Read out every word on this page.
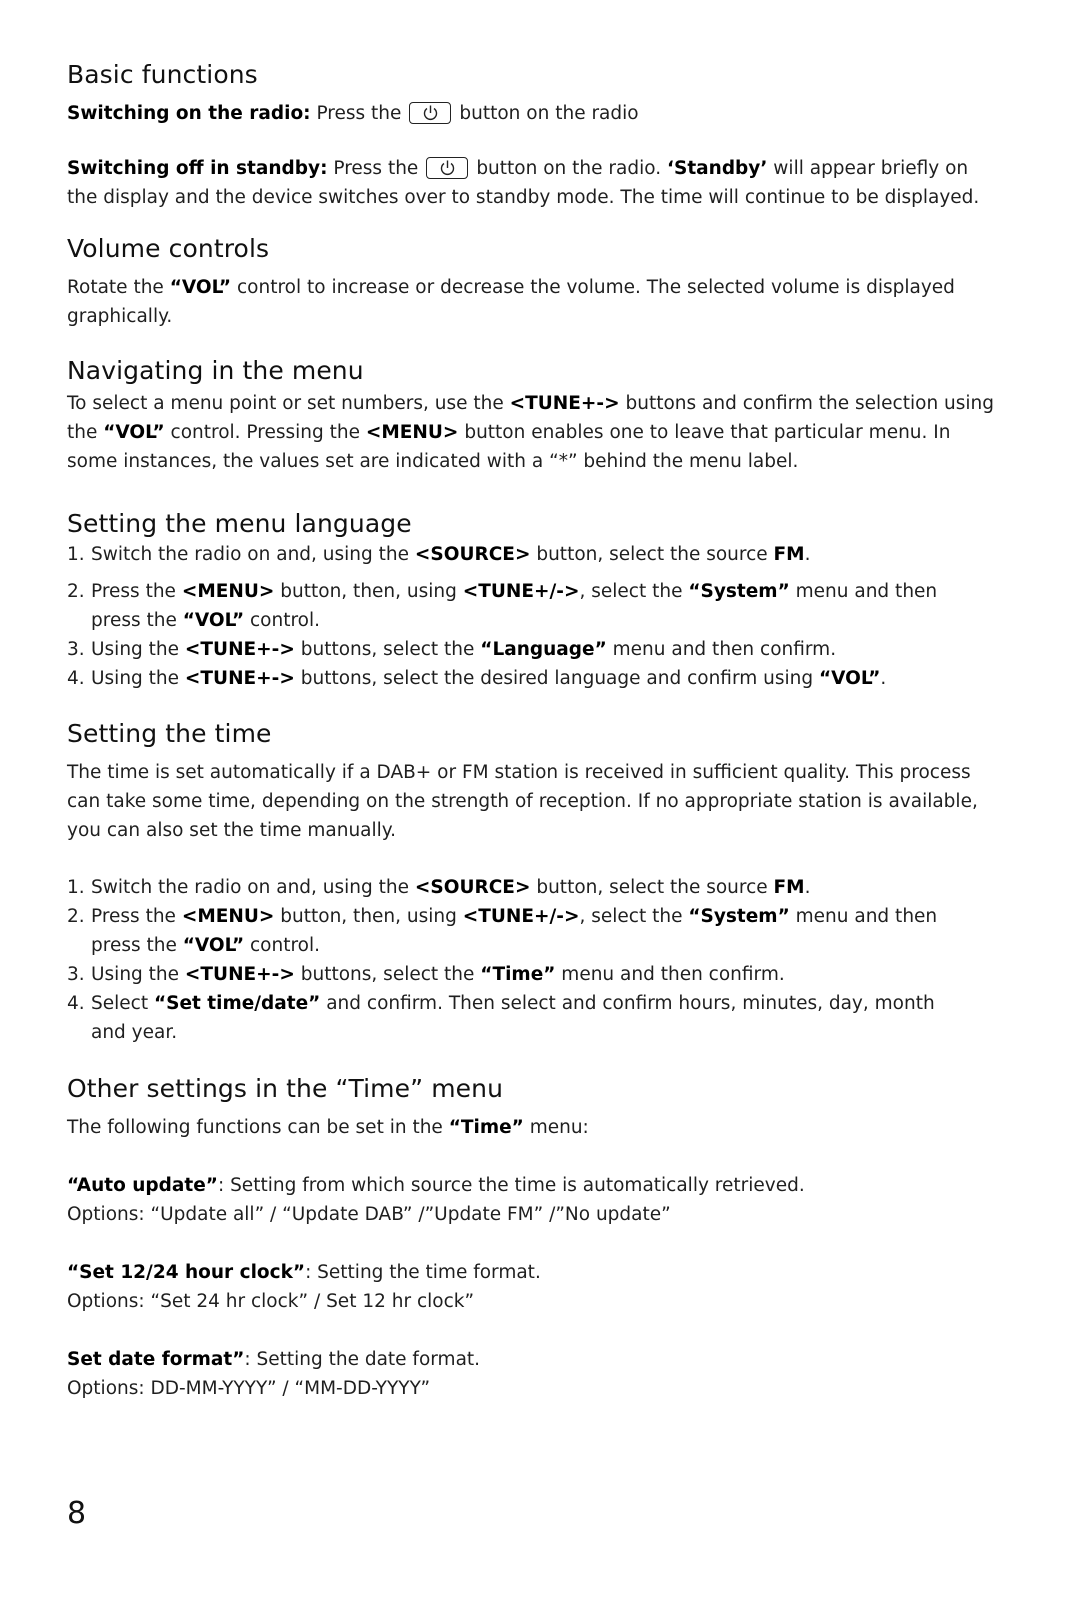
Basic functions

Switching on the radio: Press the	button on the radio

Switching off in standby: Press the	button on the radio. ‘Standby’ will appear briefly on the display and the device switches over to standby mode. The time will continue to be displayed.

Volume controls

Rotate the “VOL” control to increase or decrease the volume. The selected volume is displayed graphically.

Navigating in the menu

To select a menu point or set numbers, use the <TUNE+-> buttons and confirm the selection using the “VOL” control. Pressing the <MENU> button enables one to leave that particular menu. In some instances, the values set are indicated with a “*” behind the menu label.

Setting the menu language
1. Switch the radio on and, using the <SOURCE> button, select the source FM.
2. Press the <MENU> button, then, using <TUNE+/->, select the “System” menu and then press the “VOL” control.
3. Using the <TUNE+-> buttons, select the “Language” menu and then confirm.
4. Using the <TUNE+-> buttons, select the desired language and confirm using “VOL”.
Setting the time

The time is set automatically if a DAB+ or FM station is received in sufficient quality. This process can take some time, depending on the strength of reception. If no appropriate station is available, you can also set the time manually.

1. Switch the radio on and, using the <SOURCE> button, select the source FM.
2. Press the <MENU> button, then, using <TUNE+/->, select the “System” menu and then press the “VOL” control.
3. Using the <TUNE+-> buttons, select the “Time” menu and then confirm.
4. Select “Set time/date” and confirm. Then select and confirm hours, minutes, day, month and year.
Other settings in the “Time” menu

The following functions can be set in the “Time” menu:

“Auto update”: Setting from which source the time is automatically retrieved.

Options: “Update all” / “Update DAB” /”Update FM” /”No update”

“Set 12/24 hour clock”: Setting the time format.

Options: “Set 24 hr clock” / Set 12 hr clock”

Set date format”: Setting the date format.

Options: DD-MM-YYYY” / “MM-DD-YYYY”

8
